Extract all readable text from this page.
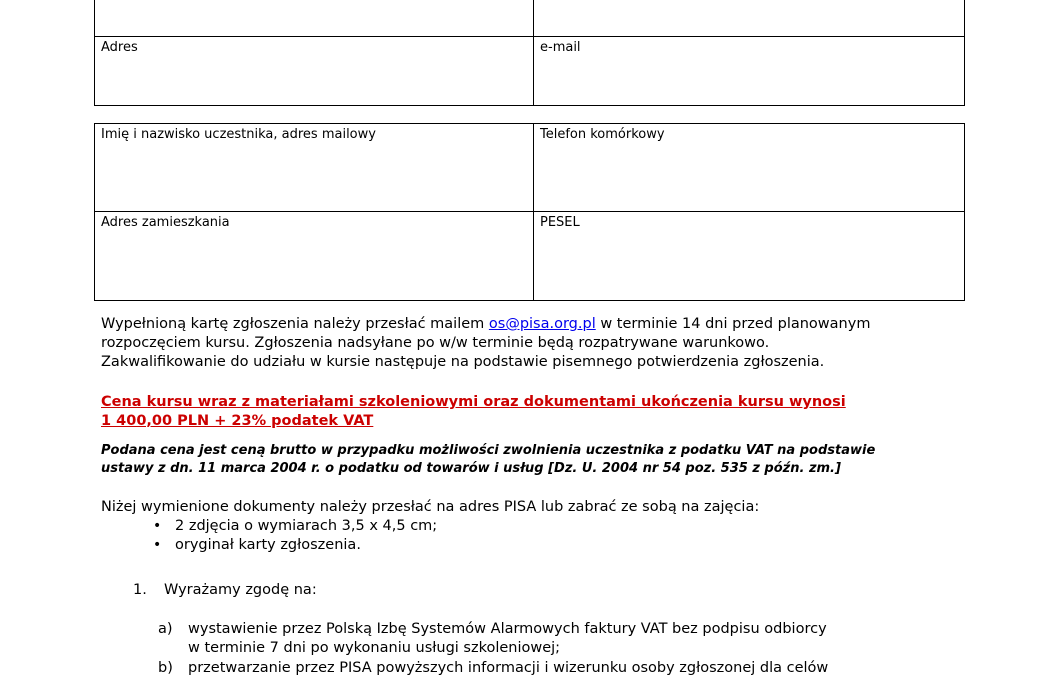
Adres	e-mail
Imię i nazwisko uczestnika, adres mailowy	Telefon komórkowy
Adres zamieszkania	PESEL
Wypełnioną kartę zgłoszenia należy przesłać mailem os@pisa.org.pl w terminie 14 dni przed planowanym
rozpoczęciem kursu. Zgłoszenia nadsyłane po w/w terminie będą rozpatrywane warunkowo.
Zakwalifikowanie do udziału w kursie następuje na podstawie pisemnego potwierdzenia zgłoszenia.
Cena kursu wraz z materiałami szkoleniowymi oraz dokumentami ukończenia kursu wynosi
1 400,00 PLN + 23% podatek VAT
Podana cena jest ceną brutto w przypadku możliwości zwolnienia uczestnika z podatku VAT na podstawie
ustawy z dn. 11 marca 2004 r. o podatku od towarów i usług [Dz. U. 2004 nr 54 poz. 535 z późn. zm.]
Niżej wymienione dokumenty należy przesłać na adres PISA lub zabrać ze sobą na zajęcia:
• 2 zdjęcia o wymiarach 3,5 x 4,5 cm;
• oryginał karty zgłoszenia.
1. Wyrażamy zgodę na:
a) wystawienie przez Polską Izbę Systemów Alarmowych faktury VAT bez podpisu odbiorcy
w terminie 7 dni po wykonaniu usługi szkoleniowej;
b) przetwarzanie przez PISA powyższych informacji i wizerunku osoby zgłoszonej dla celów
